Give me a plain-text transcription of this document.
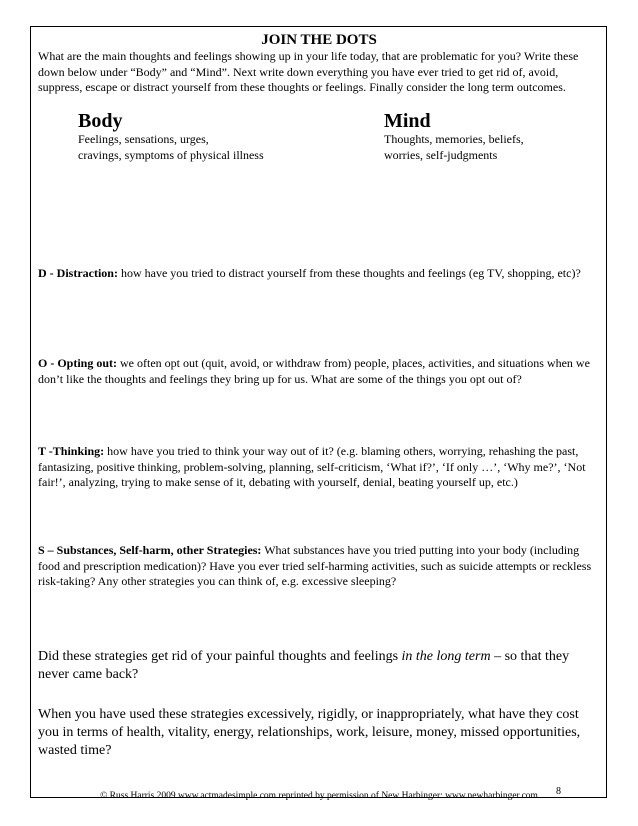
JOIN THE DOTS
What are the main thoughts and feelings showing up in your life today, that are problematic for you? Write these down below under “Body” and “Mind”. Next write down everything you have ever tried to get rid of, avoid, suppress, escape or distract yourself from these thoughts or feelings. Finally consider the long term outcomes.
Body
Feelings, sensations, urges,
cravings, symptoms of physical illness
Mind
Thoughts, memories, beliefs,
worries, self-judgments
D - Distraction: how have you tried to distract yourself from these thoughts and feelings (eg TV, shopping, etc)?
O - Opting out: we often opt out (quit, avoid, or withdraw from) people, places, activities, and situations when we don’t like the thoughts and feelings they bring up for us. What are some of the things you opt out of?
T -Thinking: how have you tried to think your way out of it? (e.g. blaming others, worrying, rehashing the past, fantasizing, positive thinking, problem-solving, planning, self-criticism, ‘What if?’, ‘If only …’, ‘Why me?’, ‘Not fair!’, analyzing, trying to make sense of it, debating with yourself, denial, beating yourself up, etc.)
S – Substances, Self-harm, other Strategies: What substances have you tried putting into your body (including food and prescription medication)? Have you ever tried self-harming activities, such as suicide attempts or reckless risk-taking? Any other strategies you can think of, e.g. excessive sleeping?
Did these strategies get rid of your painful thoughts and feelings in the long term – so that they never came back?
When you have used these strategies excessively, rigidly, or inappropriately, what have they cost you in terms of health, vitality, energy, relationships, work, leisure, money, missed opportunities, wasted time?
© Russ Harris 2009 www.actmadesimple.com reprinted by permission of New Harbinger: www.newharbinger.com	8
